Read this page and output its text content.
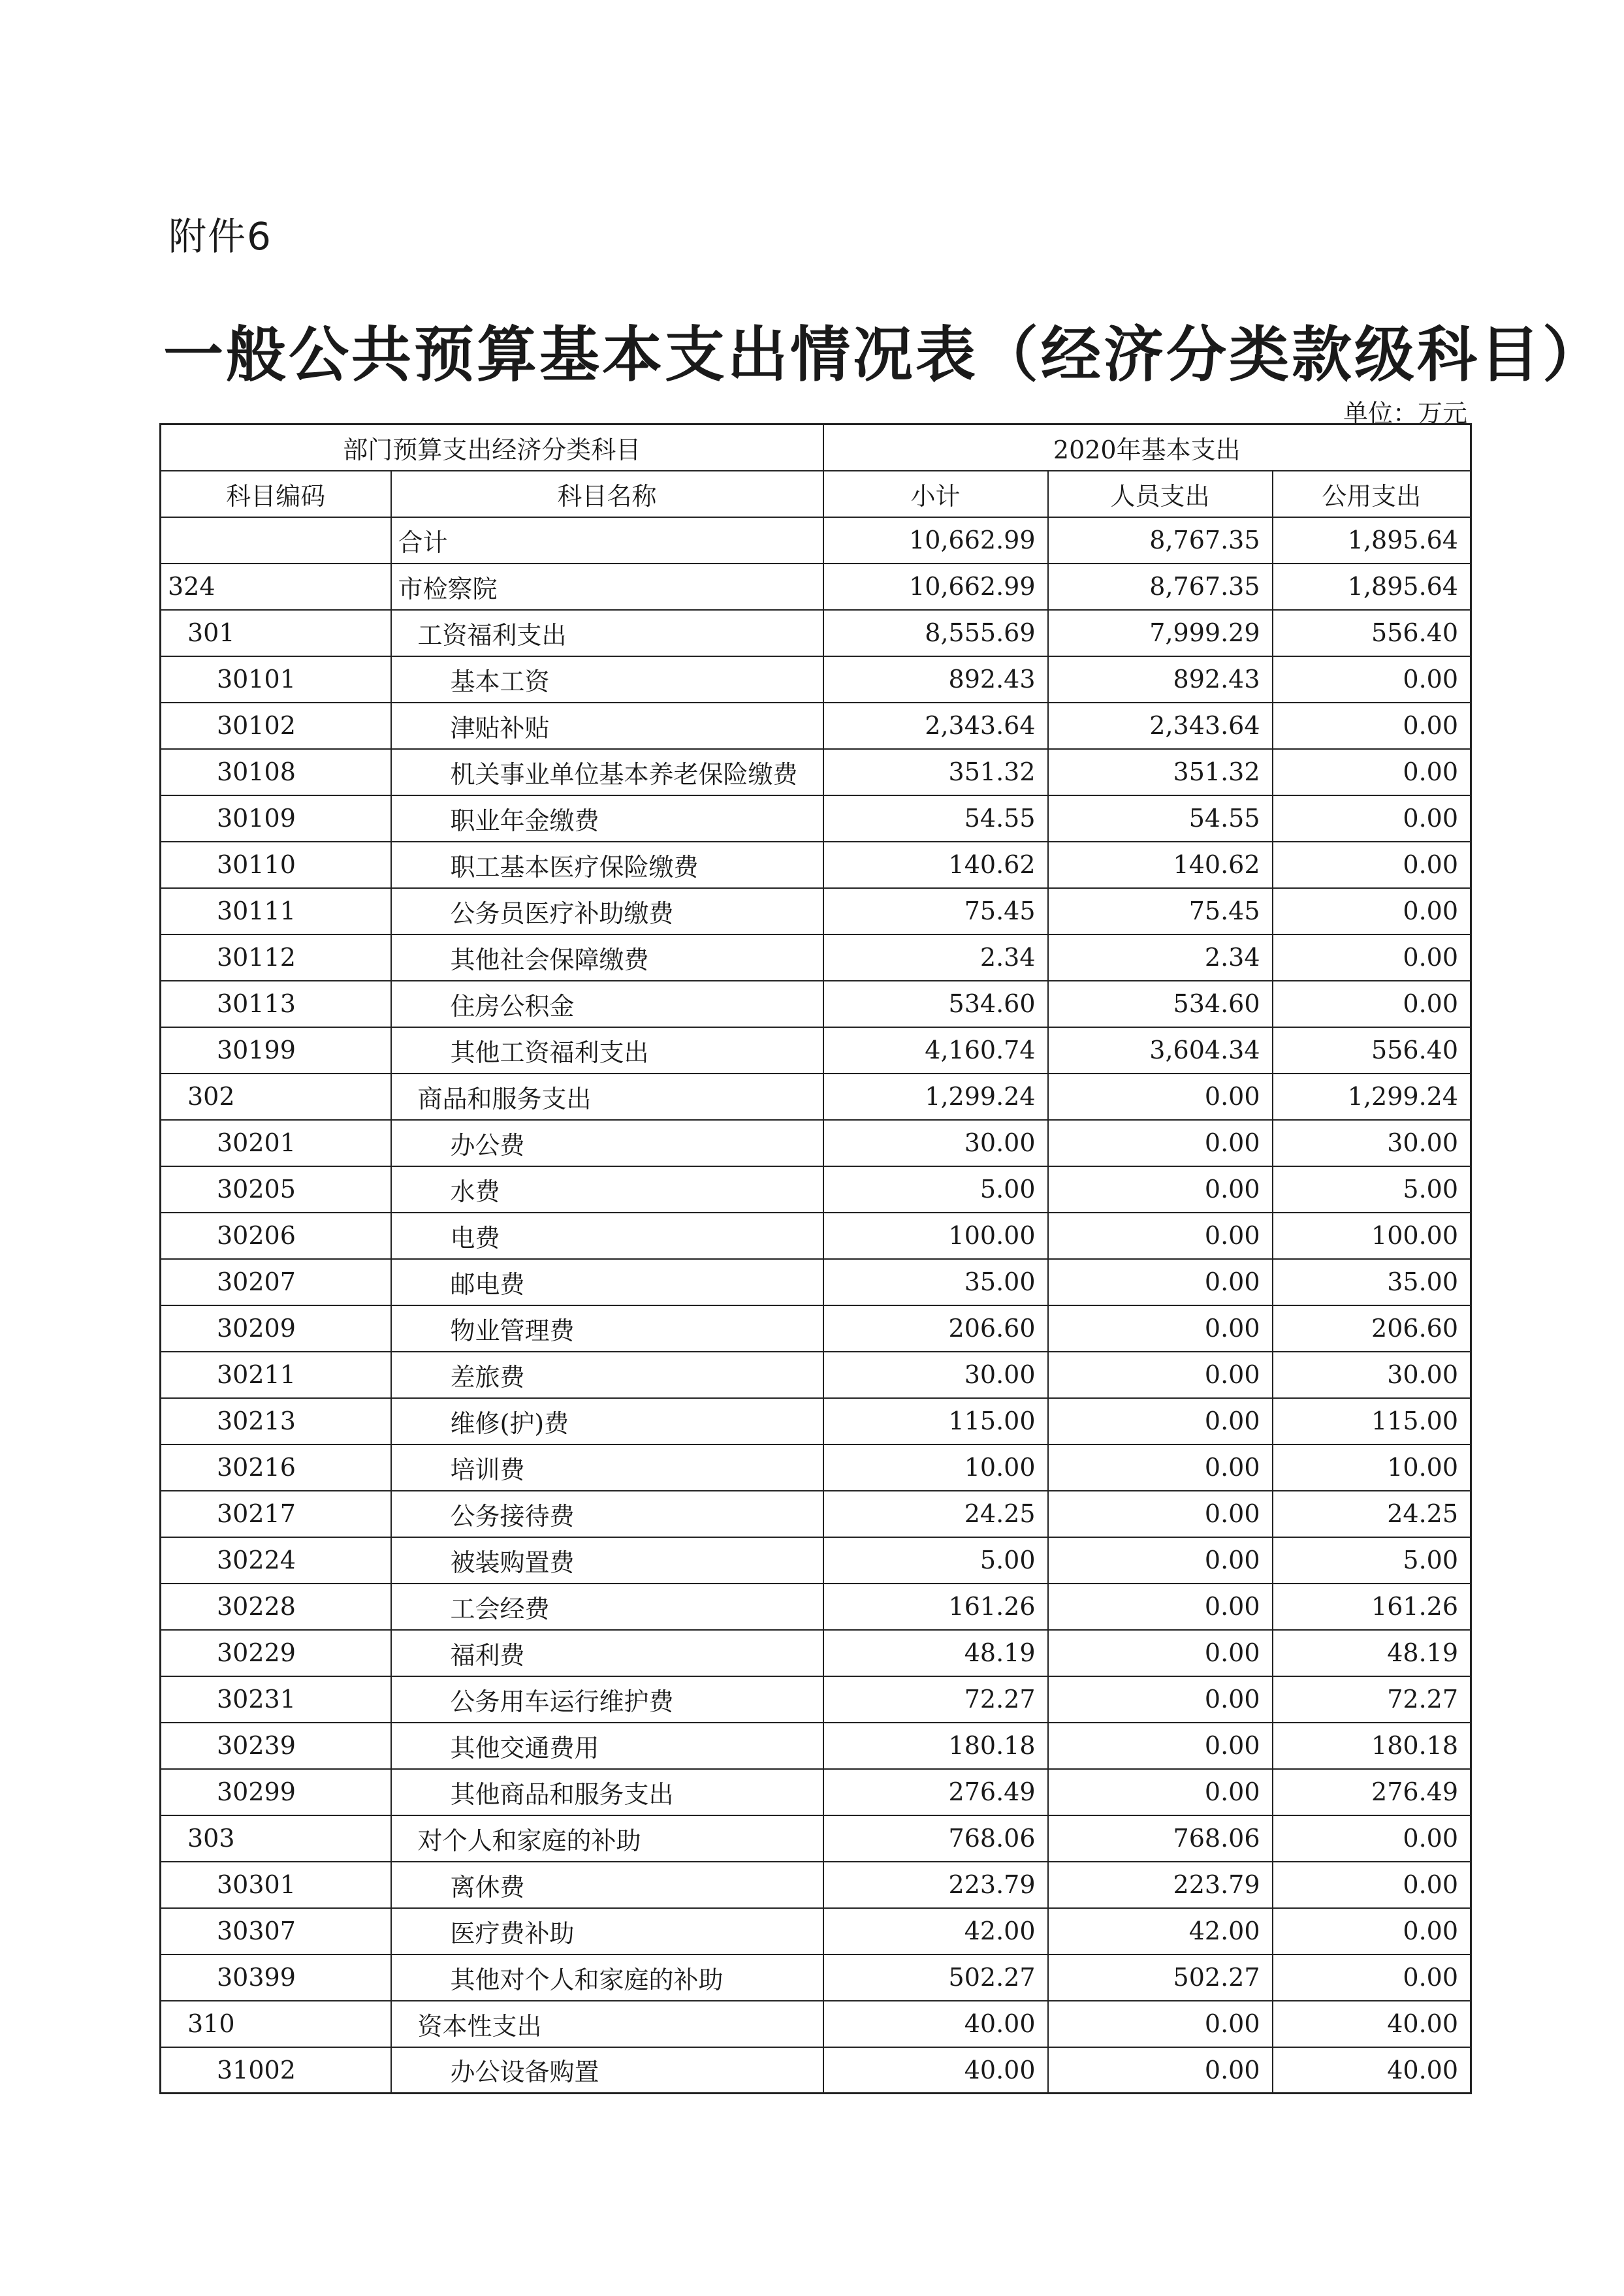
附件6
一般公共预算基本支出情况表（经济分类款级科目）
单位：万元
部门预算支出经济分类科目		2020年基本支出		
科目编码	科目名称	小计	人员支出	公用支出
	合计	10,662.99	8,767.35	1,895.64
324	市检察院	10,662.99	8,767.35	1,895.64
301	工资福利支出	8,555.69	7,999.29	556.40
30101	基本工资	892.43	892.43	0.00
30102	津贴补贴	2,343.64	2,343.64	0.00
30108	机关事业单位基本养老保险缴费	351.32	351.32	0.00
30109	职业年金缴费	54.55	54.55	0.00
30110	职工基本医疗保险缴费	140.62	140.62	0.00
30111	公务员医疗补助缴费	75.45	75.45	0.00
30112	其他社会保障缴费	2.34	2.34	0.00
30113	住房公积金	534.60	534.60	0.00
30199	其他工资福利支出	4,160.74	3,604.34	556.40
302	商品和服务支出	1,299.24	0.00	1,299.24
30201	办公费	30.00	0.00	30.00
30205	水费	5.00	0.00	5.00
30206	电费	100.00	0.00	100.00
30207	邮电费	35.00	0.00	35.00
30209	物业管理费	206.60	0.00	206.60
30211	差旅费	30.00	0.00	30.00
30213	维修(护)费	115.00	0.00	115.00
30216	培训费	10.00	0.00	10.00
30217	公务接待费	24.25	0.00	24.25
30224	被装购置费	5.00	0.00	5.00
30228	工会经费	161.26	0.00	161.26
30229	福利费	48.19	0.00	48.19
30231	公务用车运行维护费	72.27	0.00	72.27
30239	其他交通费用	180.18	0.00	180.18
30299	其他商品和服务支出	276.49	0.00	276.49
303	对个人和家庭的补助	768.06	768.06	0.00
30301	离休费	223.79	223.79	0.00
30307	医疗费补助	42.00	42.00	0.00
30399	其他对个人和家庭的补助	502.27	502.27	0.00
310	资本性支出	40.00	0.00	40.00
31002	办公设备购置	40.00	0.00	40.00
